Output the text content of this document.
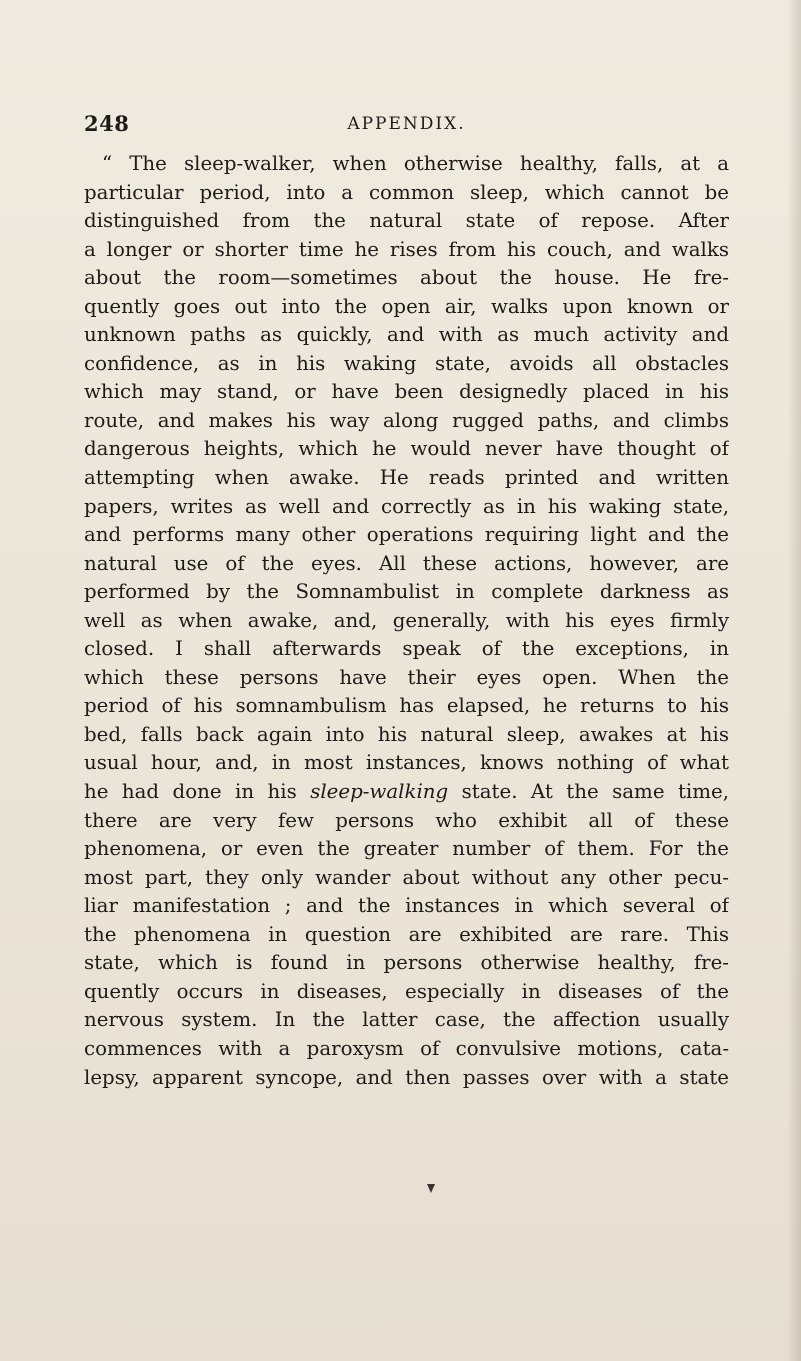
248	APPENDIX.
“ The sleep-walker, when otherwise healthy, falls, at a
particular period, into a common sleep, which cannot be
distinguished from the natural state of repose. After
a longer or shorter time he rises from his couch, and walks
about the room—sometimes about the house. He fre-
quently goes out into the open air, walks upon known or
unknown paths as quickly, and with as much activity and
confidence, as in his waking state, avoids all obstacles
which may stand, or have been designedly placed in his
route, and makes his way along rugged paths, and climbs
dangerous heights, which he would never have thought of
attempting when awake. He reads printed and written
papers, writes as well and correctly as in his waking state,
and performs many other operations requiring light and the
natural use of the eyes. All these actions, however, are
performed by the Somnambulist in complete darkness as
well as when awake, and, generally, with his eyes firmly
closed. I shall afterwards speak of the exceptions, in
which these persons have their eyes open. When the
period of his somnambulism has elapsed, he returns to his
bed, falls back again into his natural sleep, awakes at his
usual hour, and, in most instances, knows nothing of what
he had done in his sleep-walking state. At the same time,
there are very few persons who exhibit all of these
phenomena, or even the greater number of them. For the
most part, they only wander about without any other pecu-
liar manifestation ; and the instances in which several of
the phenomena in question are exhibited are rare. This
state, which is found in persons otherwise healthy, fre-
quently occurs in diseases, especially in diseases of the
nervous system. In the latter case, the affection usually
commences with a paroxysm of convulsive motions, cata-
lepsy, apparent syncope, and then passes over with a state
